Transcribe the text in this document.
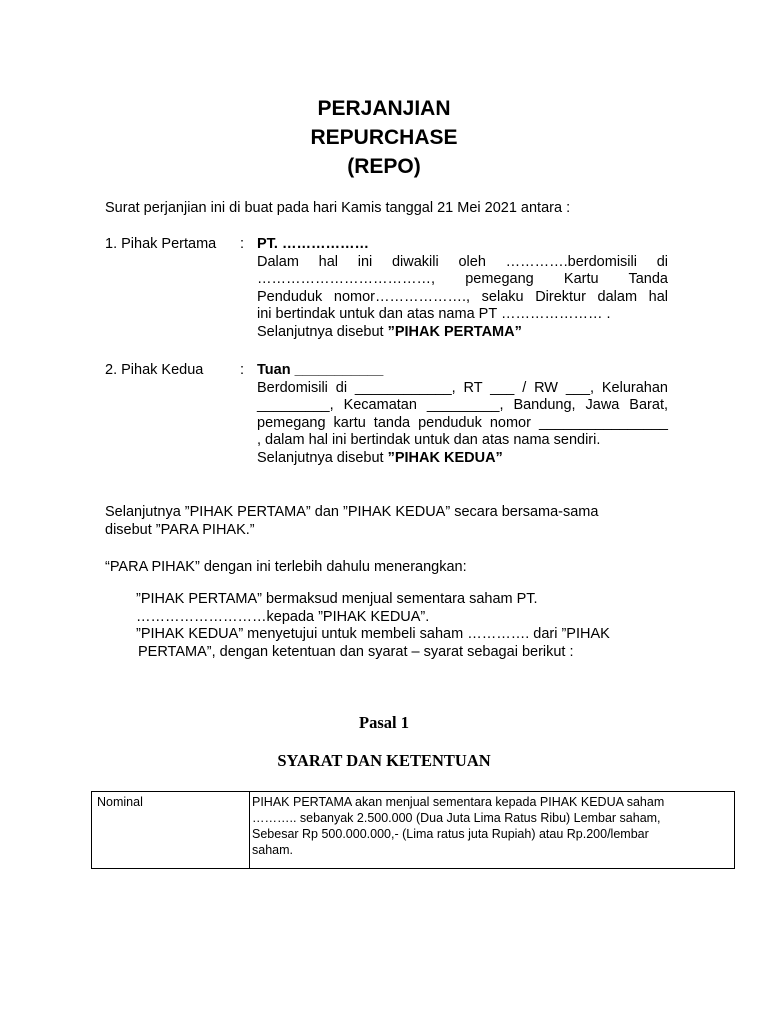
PERJANJIAN
REPURCHASE
(REPO)
Surat perjanjian ini di buat pada hari Kamis tanggal 21 Mei 2021 antara :
1. Pihak Pertama : PT. ………………
Dalam hal ini diwakili oleh ………….berdomisili di
………………………………, pemegang Kartu Tanda
Penduduk nomor………………., selaku Direktur dalam hal
ini bertindak untuk dan atas nama PT ………………… .
Selanjutnya disebut ”PIHAK PERTAMA”
2. Pihak Kedua	: Tuan ___________
Berdomisili di ____________, RT ___ / RW ___, Kelurahan
_________, Kecamatan _________, Bandung, Jawa Barat,
pemegang kartu tanda penduduk nomor ________________
, dalam hal ini bertindak untuk dan atas nama sendiri.
Selanjutnya disebut ”PIHAK KEDUA”
Selanjutnya ”PIHAK PERTAMA” dan ”PIHAK KEDUA” secara bersama-sama
disebut ”PARA PIHAK.”
“PARA PIHAK” dengan ini terlebih dahulu menerangkan:
”PIHAK PERTAMA” bermaksud menjual sementara saham PT.
………………………kepada ”PIHAK KEDUA”.
”PIHAK KEDUA” menyetujui untuk membeli saham …………. dari ”PIHAK
PERTAMA”, dengan ketentuan dan syarat – syarat sebagai berikut :
Pasal 1
SYARAT DAN KETENTUAN
Nominal	PIHAK PERTAMA akan menjual sementara kepada PIHAK KEDUA saham
……….. sebanyak 2.500.000 (Dua Juta Lima Ratus Ribu) Lembar saham,
Sebesar Rp 500.000.000,- (Lima ratus juta Rupiah) atau Rp.200/lembar
saham.
